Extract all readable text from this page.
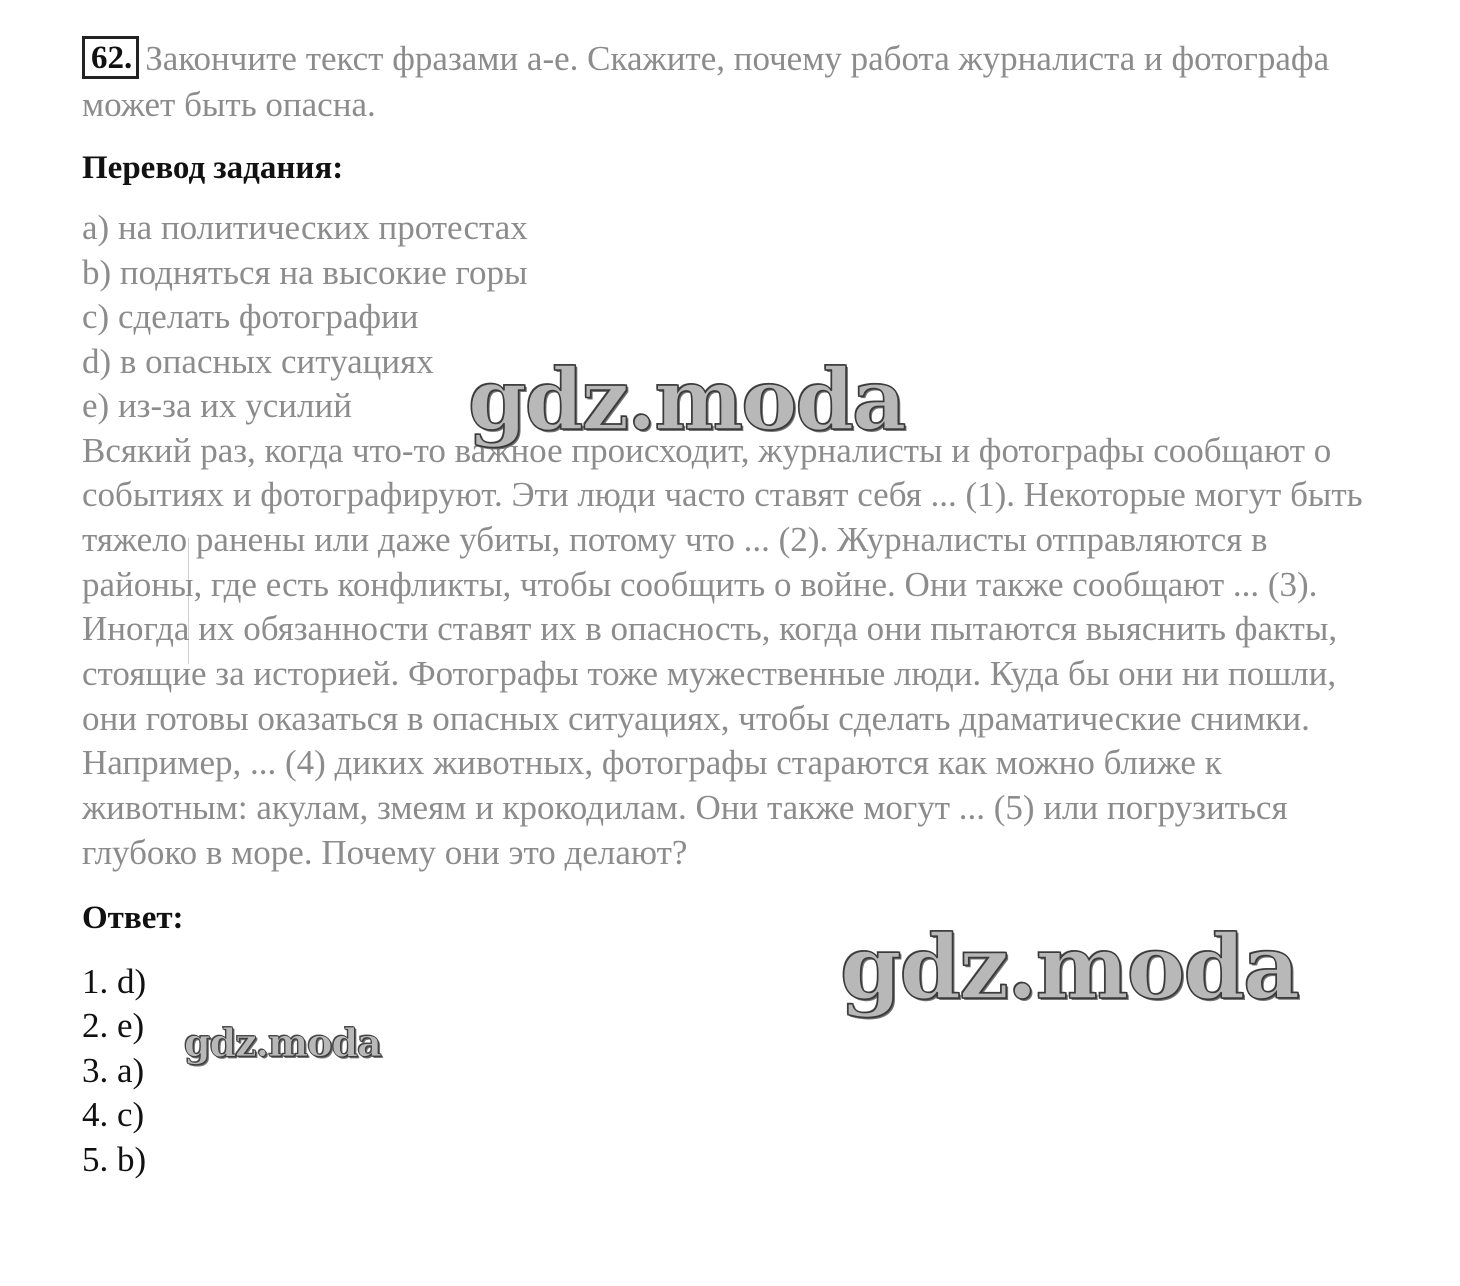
62. Закончите текст фразами a-e. Скажите, почему работа журналиста и фотографа может быть опасна.

Перевод задания:

а) на политических протестах
b) подняться на высокие горы
с) сделать фотографии
d) в опасных ситуациях
е) из-за их усилий

Всякий раз, когда что-то важное происходит, журналисты и фотографы сообщают о событиях и фотографируют. Эти люди часто ставят себя ... (1). Некоторые могут быть тяжело ранены или даже убиты, потому что ... (2). Журналисты отправляются в районы, где есть конфликты, чтобы сообщить о войне. Они также сообщают ... (3). Иногда их обязанности ставят их в опасность, когда они пытаются выяснить факты, стоящие за историей. Фотографы тоже мужественные люди. Куда бы они ни пошли, они готовы оказаться в опасных ситуациях, чтобы сделать драматические снимки. Например, ... (4) диких животных, фотографы стараются как можно ближе к животным: акулам, змеям и крокодилам. Они также могут ... (5) или погрузиться глубоко в море. Почему они это делают?

Ответ:

1. d)
2. e)
3. a)
4. c)
5. b)
gdz.moda
gdz.moda
gdz.moda
